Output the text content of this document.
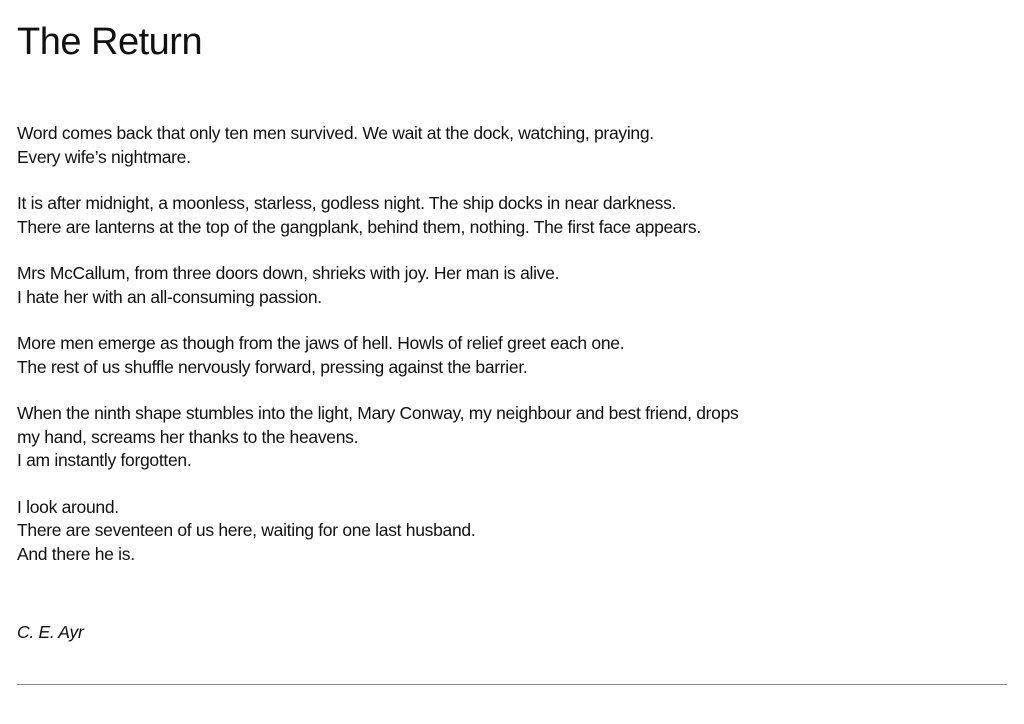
The Return

Word comes back that only ten men survived. We wait at the dock, watching, praying.
Every wife’s nightmare.

It is after midnight, a moonless, starless, godless night. The ship docks in near darkness.
There are lanterns at the top of the gangplank, behind them, nothing. The first face appears.

Mrs McCallum, from three doors down, shrieks with joy. Her man is alive.
I hate her with an all-consuming passion.

More men emerge as though from the jaws of hell. Howls of relief greet each one.
The rest of us shuffle nervously forward, pressing against the barrier.

When the ninth shape stumbles into the light, Mary Conway, my neighbour and best friend, drops
my hand, screams her thanks to the heavens.
I am instantly forgotten.

I look around.
There are seventeen of us here, waiting for one last husband.
And there he is.

C. E. Ayr
